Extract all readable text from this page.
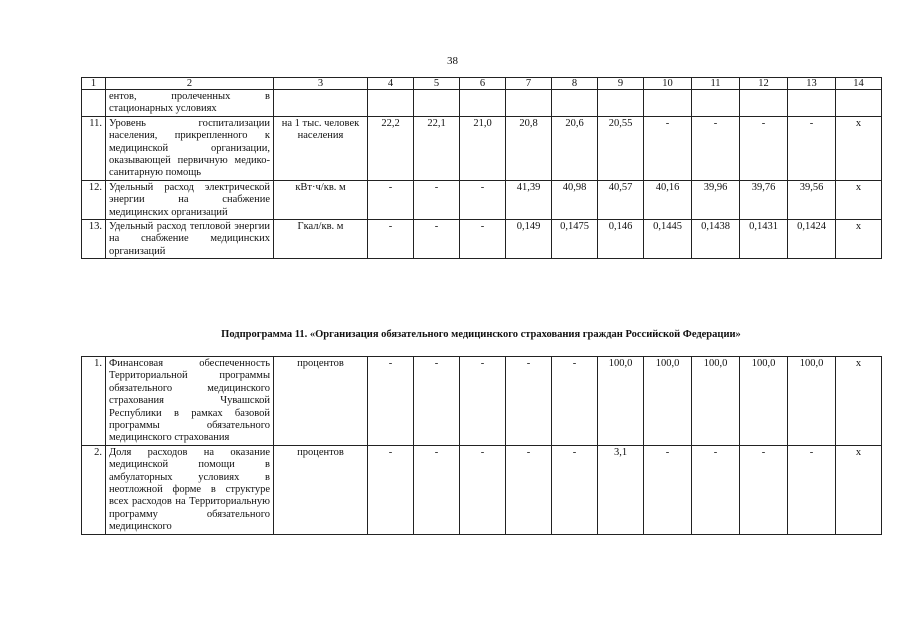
38
1	2	3	4	5	6	7	8	9	10	11	12	13	14
	ентов, пролеченных в стационарных условиях												
11.	Уровень госпитализации населения, прикрепленного к медицинской организации, оказывающей первичную медико-санитарную помощь	на 1 тыс. человек населения	22,2	22,1	21,0	20,8	20,6	20,55	-	-	-	-	х
12.	Удельный расход электрической энергии на снабжение медицинских организаций	кВт·ч/кв. м	-	-	-	41,39	40,98	40,57	40,16	39,96	39,76	39,56	х
13.	Удельный расход тепловой энергии на снабжение медицинских организаций	Гкал/кв. м	-	-	-	0,149	0,1475	0,146	0,1445	0,1438	0,1431	0,1424	х
Подпрограмма 11. «Организация обязательного медицинского страхования граждан Российской Федерации»
1.	Финансовая обеспеченность Территориальной программы обязательного медицинского страхования Чувашской Республики в рамках базовой программы обязательного медицинского страхования	процентов	-	-	-	-	-	100,0	100,0	100,0	100,0	100,0	х
2.	Доля расходов на оказание медицинской помощи в амбулаторных условиях в неотложной форме в структуре всех расходов на Территориальную программу обязательного медицинского	процентов	-	-	-	-	-	3,1	-	-	-	-	х
